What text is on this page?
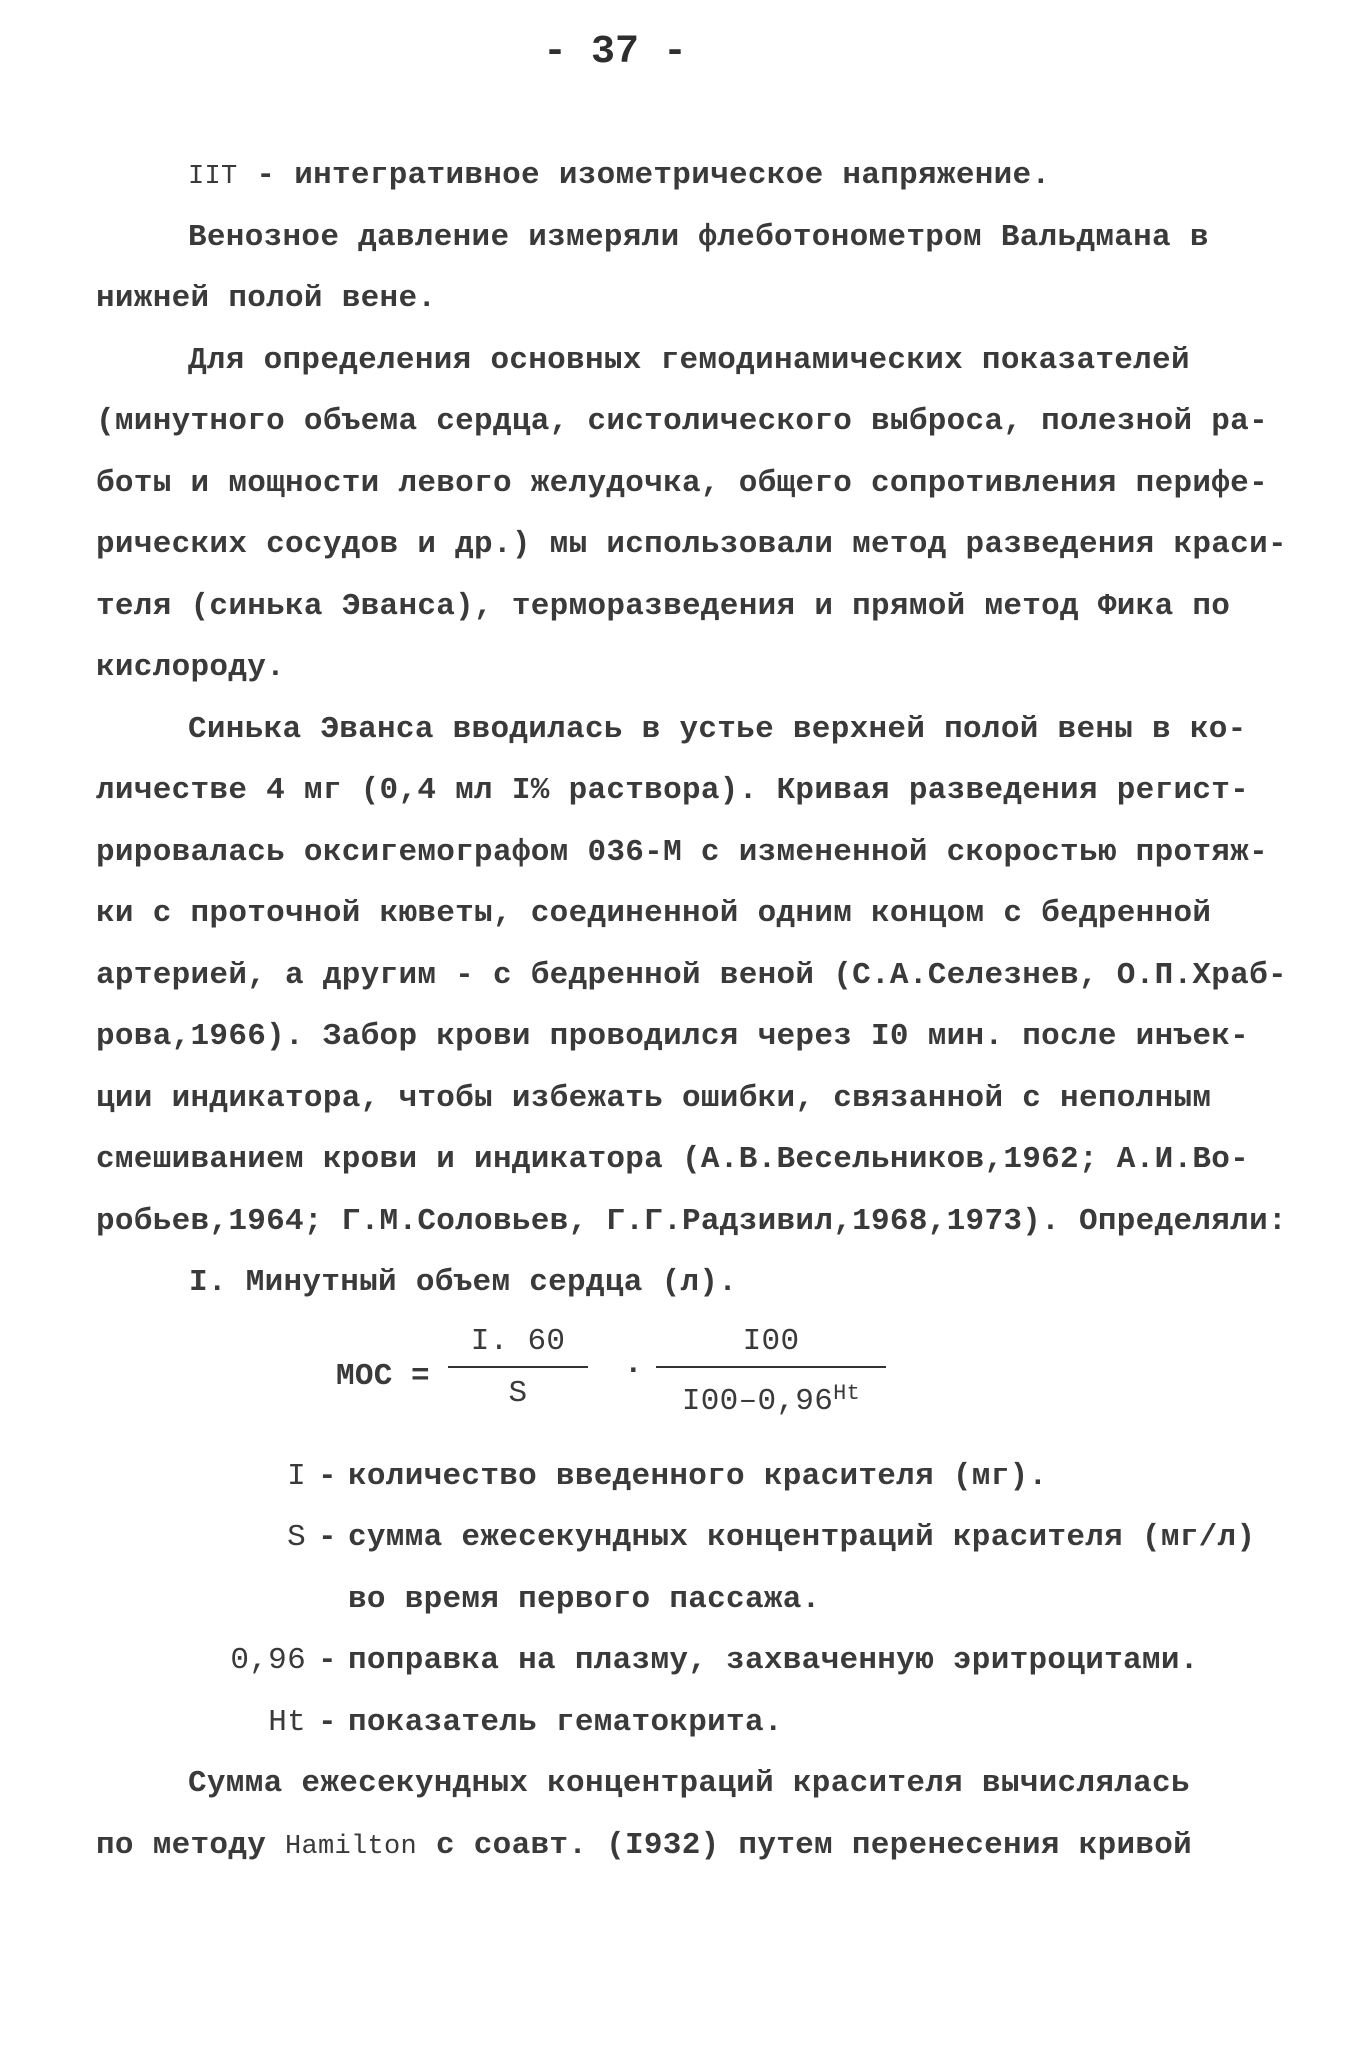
- 37 -
IIT - интегративное изометрическое напряжение.
Венозное давление измеряли флеботонометром Вальдмана в
нижней полой вене.
Для определения основных гемодинамических показателей
(минутного объема сердца, систолического выброса, полезной ра-
боты и мощности левого желудочка, общего сопротивления перифе-
рических сосудов и др.) мы использовали метод разведения краси-
теля (синька Эванса), терморазведения и прямой метод Фика по
кислороду.
Синька Эванса вводилась в устье верхней полой вены в ко-
личестве 4 мг (0,4 мл I% раствора). Кривая разведения регист-
рировалась оксигемографом 036-М с измененной скоростью протяж-
ки с проточной кюветы, соединенной одним концом с бедренной
артерией, а другим - с бедренной веной (С.А.Селезнев, О.П.Храб-
рова,1966). Забор крови проводился через I0 мин. после инъек-
ции индикатора, чтобы избежать ошибки, связанной с неполным
смешиванием крови и индикатора (А.В.Весельников,1962; А.И.Во-
робьев,1964; Г.М.Соловьев, Г.Г.Радзивил,1968,1973). Определяли:
I. Минутный объем сердца (л).
МОС = $\frac{I. 60}{S} \cdot \frac{I00}{I00-0,96^{Ht}}$
I - количество введенного красителя (мг).
S - сумма ежесекундных концентраций красителя (мг/л)
во время первого пассажа.
0,96 - поправка на плазму, захваченную эритроцитами.
Ht - показатель гематокрита.
Сумма ежесекундных концентраций красителя вычислялась
по методу Hamilton с соавт. (I932) путем перенесения кривой
